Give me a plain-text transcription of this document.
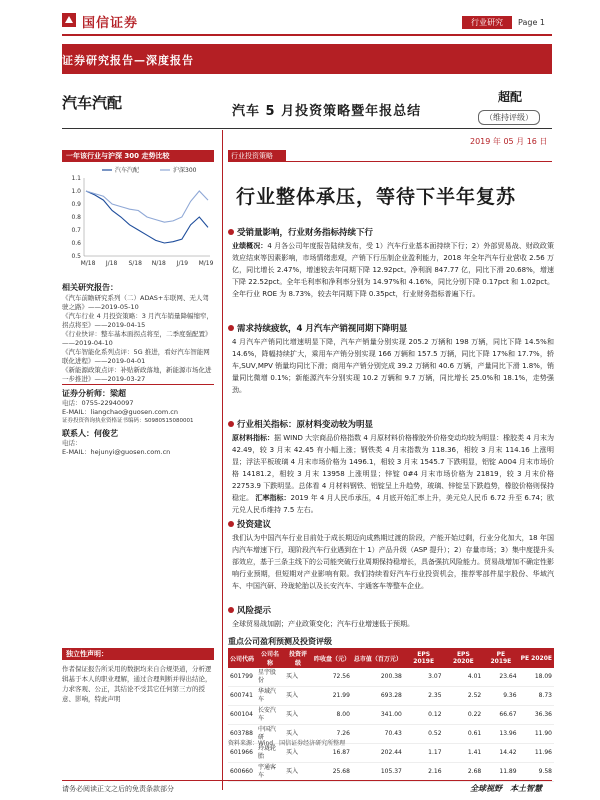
国信证券	行业研究	Page 1
证券研究报告—深度报告
汽车汽配	汽车 5 月投资策略暨年报总结
超配
（维持评级）
2019 年 05 月 16 日
一年该行业与沪深 300 走势比较
0.5
0.6
0.7
0.8
0.9
1.0
1.1
M/18 J/18 S/18 N/18 J/19 M/19
汽车汽配	沪深300
相关研究报告：
《汽车前瞻研究系列（二）ADAS+车联网、无人驾驶之路》——2019-05-10
《汽车行业 4 月投资策略：3 月汽车销量降幅缩窄，拐点将至》——2019-04-15
《行业快评：整车基本面拐点将至，二季度强配置》——2019-04-10
《汽车智能化系列点评：5G 推进，看好汽车智能网联化进程》——2019-04-01
《新能源政策点评：补贴新政落地，新能源市场化进一步推进》——2019-03-27
证券分析师：梁超
电话：0755-22940097
E-MAIL：liangchao@guosen.com.cn
证券投资咨询执业资格证书编码：S0980515080001
联系人：何俊艺
电话：
E-MAIL：hejunyi@guosen.com.cn
独立性声明：
作者保证报告所采用的数据均来自合规渠道，分析逻辑基于本人的职业理解，通过合理判断并得出结论，力求客观、公正，其结论不受其它任何第三方的授意、影响，特此声明
行业投资策略
行业整体承压，等待下半年复苏
受销量影响，行业财务指标持续下行
业绩概况：4 月各公司年度报告陆续发布，受 1）汽车行业基本面持续下行；2）外部贸易战、财政政策效应结束等因素影响，市场情绪悲观，产销下行压制企业盈利能力，2018 年全年汽车行业营收 2.56 万亿，同比增长 2.47%，增速较去年同期下降 12.92pct。净利润 847.77 亿，同比下滑 20.68%，增速下降 22.52pct。全年毛利率和净利率分别为 14.97%和 4.16%，同比分别下降 0.17pct 和 1.02pct。全年行业 ROE 为 8.73%，较去年同期下降 0.35pct，行业财务指标普遍下行。
需求持续疲软，4 月汽车产销视同期下降明显
4 月汽车产销同比增速明显下降，汽车产销量分别实现 205.2 万辆和 198 万辆，同比下降 14.5%和 14.6%，降幅持续扩大，乘用车产销分别实现 166 万辆和 157.5 万辆，同比下降 17%和 17.7%，轿车,SUV,MPV 销量均同比下滑；商用车产销分别完成 39.2 万辆和 40.6 万辆，产量同比下滑 1.8%，销量同比微增 0.1%；新能源汽车分别实现 10.2 万辆和 9.7 万辆，同比增长 25.0%和 18.1%，走势强劲。
行业相关指标：原材料变动较为明显
原材料指标：据 WIND 大宗商品价格指数 4 月原材料价格橡胶外价格变动均较为明显：橡胶类 4 月末为 42.49，较 3 月末 42.45 有小幅上涨；钢铁类 4 月末指数为 118.36，相较 3 月末 114.16 上涨明显；浮法平板玻璃 4 月末市场价格为 1496.1，相较 3 月末 1545.7 下跌明显，铝锭 A004 月末市场价格 14181.2，相较 3 月末 13958 上涨明显；锌锭 0#4 月末市场价格为 21819，较 3 月末价格 22753.9 下跌明显。总体看 4 月材料钢铁、铝锭呈上升趋势，玻璃、锌锭呈下跌趋势，橡胶价格则保持稳定。 汇率指标：2019 年 4 月人民币承压，4 月底开始汇率上升，美元兑人民币 6.72 升至 6.74；欧元兑人民币维持 7.5 左右。
投资建议
我们认为中国汽车行业目前处于成长期迈向成熟期过渡的阶段，产能开始过剩，行业分化加大，18 年国内汽车增速下行，现阶段汽车行业遇到在十 1）产品升级（ASP 提升）；2）存量市场；3）集中度提升头部效应，基于三条主线下的公司能突破行业周期保持稳增长，具备强抗风险能力。贸易战增加不确定性影响行业预期，但短期对产业影响有限。我们持续看好汽车行业投资机会，推荐零部件星宇股份、华域汽车、中国汽研、玲珑轮胎以及长安汽车、宇通客车等整车企业。
风险提示
全球贸易战加剧；产业政策变化；汽车行业增速低于预期。
重点公司盈利预测及投资评级
公司代码	公司名称	投资评级	昨收盘（元）	总市值（百万元）	EPS 2019E	EPS 2020E	PE 2019E	PE 2020E
601799	星宇股份	买入	72.56	200.38	3.07	4.01	23.64	18.09
600741	华域汽车	买入	21.99	693.28	2.35	2.52	9.36	8.73
600104	长安汽车	买入	8.00	341.00	0.12	0.22	66.67	36.36
603788	中国汽研	买入	7.26	70.43	0.52	0.61	13.96	11.90
601966	玲珑轮胎	买入	16.87	202.44	1.17	1.41	14.42	11.96
600660	宇通客车	买入	25.68	105.37	2.16	2.68	11.89	9.58
资料来源：Wind、国信证券经济研究所整理
请务必阅读正文之后的免责条款部分	全球视野　本土智慧
